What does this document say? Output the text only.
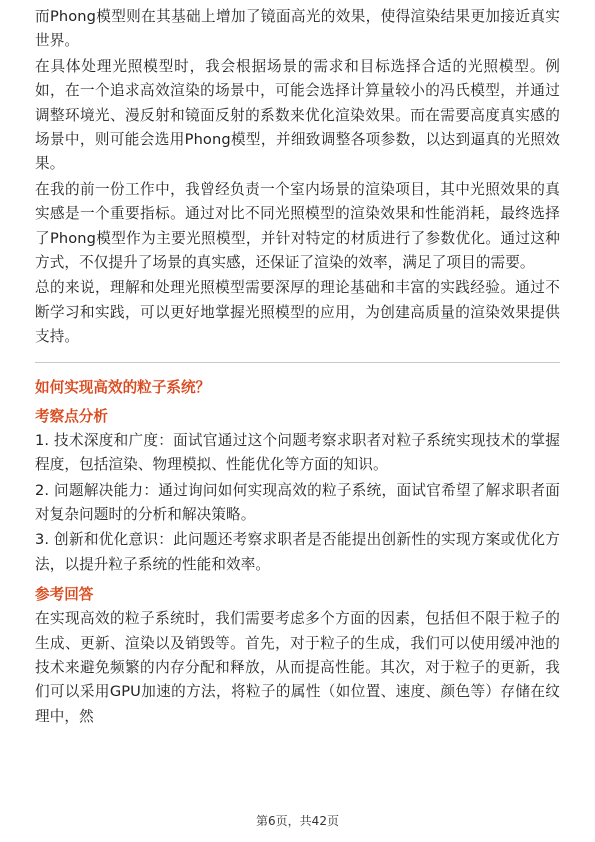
而Phong模型则在其基础上增加了镜面高光的效果，使得渲染结果更加接近真实世界。

在具体处理光照模型时，我会根据场景的需求和目标选择合适的光照模型。例如，在一个追求高效渲染的场景中，可能会选择计算量较小的冯氏模型，并通过调整环境光、漫反射和镜面反射的系数来优化渲染效果。而在需要高度真实感的场景中，则可能会选用Phong模型，并细致调整各项参数，以达到逼真的光照效果。

在我的前一份工作中，我曾经负责一个室内场景的渲染项目，其中光照效果的真实感是一个重要指标。通过对比不同光照模型的渲染效果和性能消耗，最终选择了Phong模型作为主要光照模型，并针对特定的材质进行了参数优化。通过这种方式，不仅提升了场景的真实感，还保证了渲染的效率，满足了项目的需要。

总的来说，理解和处理光照模型需要深厚的理论基础和丰富的实践经验。通过不断学习和实践，可以更好地掌握光照模型的应用，为创建高质量的渲染效果提供支持。

如何实现高效的粒子系统？
考察点分析

1. 技术深度和广度：面试官通过这个问题考察求职者对粒子系统实现技术的掌握程度，包括渲染、物理模拟、性能优化等方面的知识。

2. 问题解决能力：通过询问如何实现高效的粒子系统，面试官希望了解求职者面对复杂问题时的分析和解决策略。

3. 创新和优化意识：此问题还考察求职者是否能提出创新性的实现方案或优化方法，以提升粒子系统的性能和效率。

参考回答

在实现高效的粒子系统时，我们需要考虑多个方面的因素，包括但不限于粒子的生成、更新、渲染以及销毁等。首先，对于粒子的生成，我们可以使用缓冲池的技术来避免频繁的内存分配和释放，从而提高性能。其次，对于粒子的更新，我们可以采用GPU加速的方法，将粒子的属性（如位置、速度、颜色等）存储在纹理中，然

第6页，共42页
